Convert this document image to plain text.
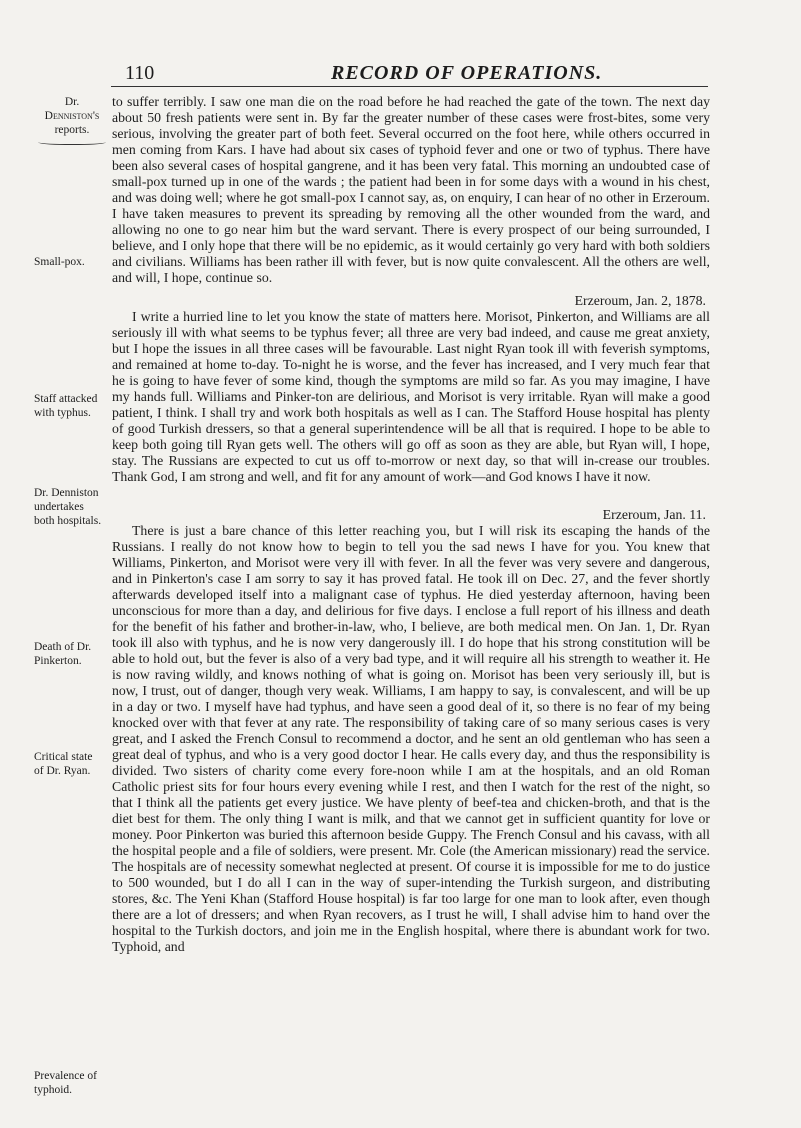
110	RECORD OF OPERATIONS.
Dr.
Denniston's
reports.
Small-pox.
Staff attacked
with typhus.
Dr. Denniston
undertakes
both hospitals.
Death of Dr.
Pinkerton.
Critical state
of Dr. Ryan.
Prevalence of
typhoid.

to suffer terribly. I saw one man die on the road before he had reached the gate of the town. The next day about 50 fresh patients were sent in. By far the greater number of these cases were frost-bites, some very serious, involving the greater part of both feet. Several occurred on the foot here, while others occurred in men coming from Kars. I have had about six cases of typhoid fever and one or two of typhus. There have been also several cases of hospital gangrene, and it has been very fatal. This morning an undoubted case of small-pox turned up in one of the wards ; the patient had been in for some days with a wound in his chest, and was doing well; where he got small-pox I cannot say, as, on enquiry, I can hear of no other in Erzeroum. I have taken measures to prevent its spreading by removing all the other wounded from the ward, and allowing no one to go near him but the ward servant. There is every prospect of our being surrounded, I believe, and I only hope that there will be no epidemic, as it would certainly go very hard with both soldiers and civilians. Williams has been rather ill with fever, but is now quite convalescent. All the others are well, and will, I hope, continue so.

Erzeroum, Jan. 2, 1878.

I write a hurried line to let you know the state of matters here. Morisot, Pinkerton, and Williams are all seriously ill with what seems to be typhus fever; all three are very bad indeed, and cause me great anxiety, but I hope the issues in all three cases will be favourable. Last night Ryan took ill with feverish symptoms, and remained at home to-day. To-night he is worse, and the fever has increased, and I very much fear that he is going to have fever of some kind, though the symptoms are mild so far. As you may imagine, I have my hands full. Williams and Pinker-ton are delirious, and Morisot is very irritable. Ryan will make a good patient, I think. I shall try and work both hospitals as well as I can. The Stafford House hospital has plenty of good Turkish dressers, so that a general superintendence will be all that is required. I hope to be able to keep both going till Ryan gets well. The others will go off as soon as they are able, but Ryan will, I hope, stay. The Russians are expected to cut us off to-morrow or next day, so that will in-crease our troubles. Thank God, I am strong and well, and fit for any amount of work—and God knows I have it now.

Erzeroum, Jan. 11.

There is just a bare chance of this letter reaching you, but I will risk its escaping the hands of the Russians. I really do not know how to begin to tell you the sad news I have for you. You knew that Williams, Pinkerton, and Morisot were very ill with fever. In all the fever was very severe and dangerous, and in Pinkerton's case I am sorry to say it has proved fatal. He took ill on Dec. 27, and the fever shortly afterwards developed itself into a malignant case of typhus. He died yesterday afternoon, having been unconscious for more than a day, and delirious for five days. I enclose a full report of his illness and death for the benefit of his father and brother-in-law, who, I believe, are both medical men. On Jan. 1, Dr. Ryan took ill also with typhus, and he is now very dangerously ill. I do hope that his strong constitution will be able to hold out, but the fever is also of a very bad type, and it will require all his strength to weather it. He is now raving wildly, and knows nothing of what is going on. Morisot has been very seriously ill, but is now, I trust, out of danger, though very weak. Williams, I am happy to say, is convalescent, and will be up in a day or two. I myself have had typhus, and have seen a good deal of it, so there is no fear of my being knocked over with that fever at any rate. The responsibility of taking care of so many serious cases is very great, and I asked the French Consul to recommend a doctor, and he sent an old gentleman who has seen a great deal of typhus, and who is a very good doctor I hear. He calls every day, and thus the responsibility is divided. Two sisters of charity come every fore-noon while I am at the hospitals, and an old Roman Catholic priest sits for four hours every evening while I rest, and then I watch for the rest of the night, so that I think all the patients get every justice. We have plenty of beef-tea and chicken-broth, and that is the diet best for them. The only thing I want is milk, and that we cannot get in sufficient quantity for love or money. Poor Pinkerton was buried this afternoon beside Guppy. The French Consul and his cavass, with all the hospital people and a file of soldiers, were present. Mr. Cole (the American missionary) read the service. The hospitals are of necessity somewhat neglected at present. Of course it is impossible for me to do justice to 500 wounded, but I do all I can in the way of super-intending the Turkish surgeon, and distributing stores, &c. The Yeni Khan (Stafford House hospital) is far too large for one man to look after, even though there are a lot of dressers; and when Ryan recovers, as I trust he will, I shall advise him to hand over the hospital to the Turkish doctors, and join me in the English hospital, where there is abundant work for two. Typhoid, and
